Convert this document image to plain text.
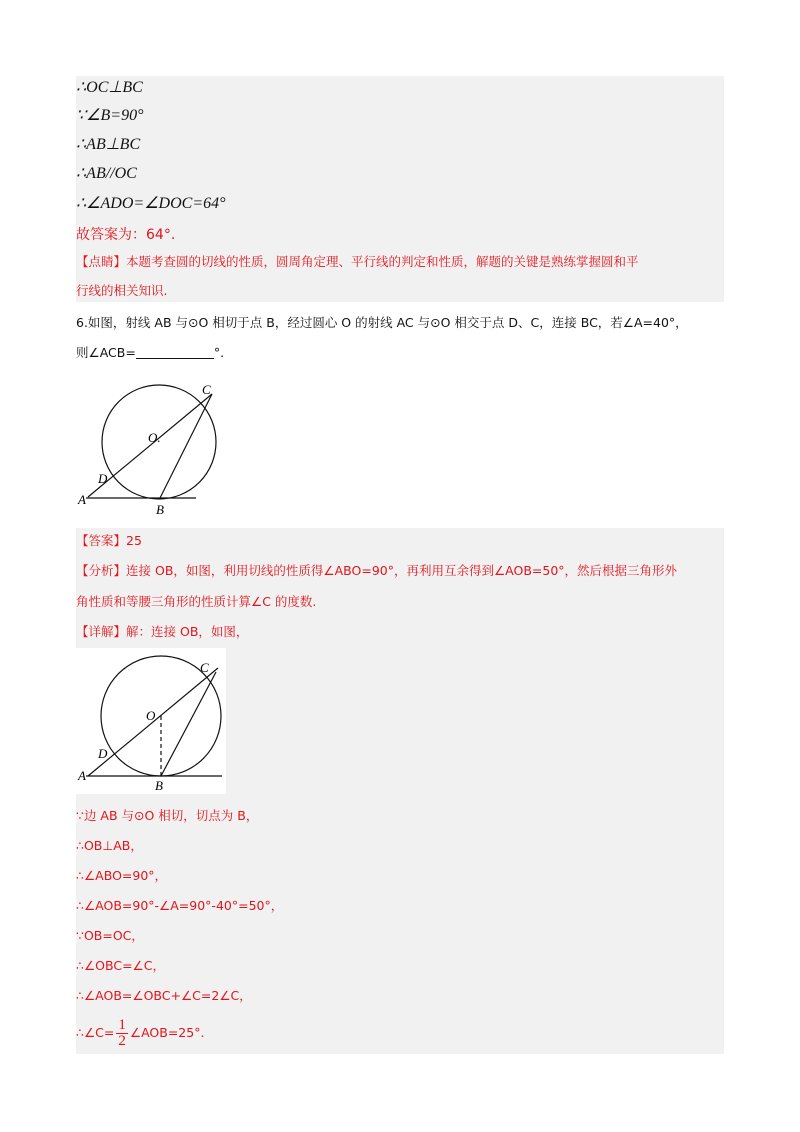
∴OC⊥BC
∵∠B=90°
∴AB⊥BC
∴AB//OC
∴∠ADO=∠DOC=64°
故答案为：64°.
【点睛】本题考查圆的切线的性质，圆周角定理、平行线的判定和性质，解题的关键是熟练掌握圆和平
行线的相关知识.
6.如图，射线 AB 与⊙O 相切于点 B，经过圆心 O 的射线 AC 与⊙O 相交于点 D、C，连接 BC，若∠A=40°，
则∠ACB=	°.
C
O.
D
A
B
【答案】25
【分析】连接 OB，如图，利用切线的性质得∠ABO=90°，再利用互余得到∠AOB=50°，然后根据三角形外
角性质和等腰三角形的性质计算∠C 的度数.
【详解】解：连接 OB，如图，
C
O
D
A
B
∵边 AB 与⊙O 相切，切点为 B，
∴OB⊥AB，
∴∠ABO=90°，
∴∠AOB=90°-∠A=90°-40°=50°，
∵OB=OC，
∴∠OBC=∠C，
∴∠AOB=∠OBC+∠C=2∠C，
∴∠C= $\frac{1}{2}$ ∠AOB=25°.
